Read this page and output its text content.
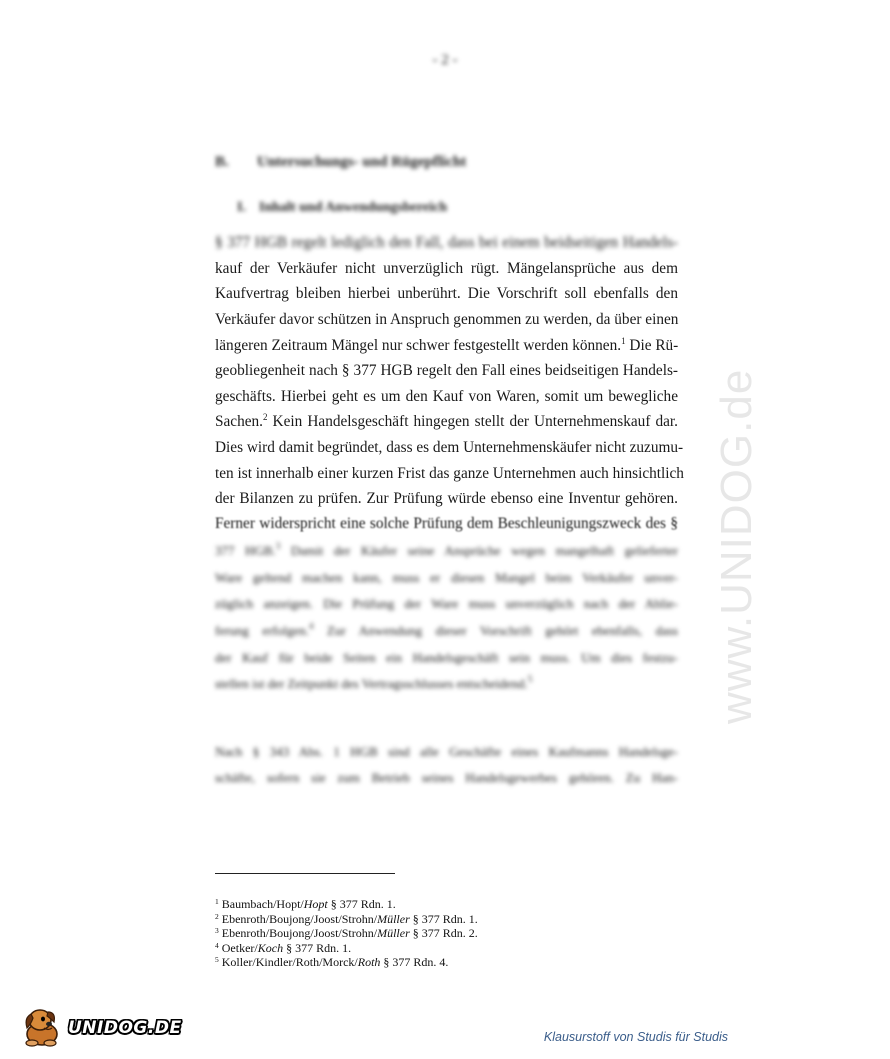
www.UNIDOG.de
- 2 -
B. Untersuchungs- und Rügepflicht
I. Inhalt und Anwendungsbereich
§ 377 HGB regelt lediglich den Fall, dass bei einem beidseitigen Handels-
kauf der Verkäufer nicht unverzüglich rügt. Mängelansprüche aus dem
Kaufvertrag bleiben hierbei unberührt. Die Vorschrift soll ebenfalls den
Verkäufer davor schützen in Anspruch genommen zu werden, da über einen
längeren Zeitraum Mängel nur schwer festgestellt werden können.$^1$ Die Rü-
geobliegenheit nach § 377 HGB regelt den Fall eines beidseitigen Handels-
geschäfts. Hierbei geht es um den Kauf von Waren, somit um bewegliche
Sachen.$^2$ Kein Handelsgeschäft hingegen stellt der Unternehmenskauf dar.
Dies wird damit begründet, dass es dem Unternehmenskäufer nicht zuzumu-
ten ist innerhalb einer kurzen Frist das ganze Unternehmen auch hinsichtlich
der Bilanzen zu prüfen. Zur Prüfung würde ebenso eine Inventur gehören.
Ferner widerspricht eine solche Prüfung dem Beschleunigungszweck des §
377 HGB.$^3$ Damit der Käufer seine Ansprüche wegen mangelhaft gelieferter
Ware geltend machen kann, muss er diesen Mangel beim Verkäufer unver-
züglich anzeigen. Die Prüfung der Ware muss unverzüglich nach der Ablie-
ferung erfolgen.$^4$ Zur Anwendung dieser Vorschrift gehört ebenfalls, dass
der Kauf für beide Seiten ein Handelsgeschäft sein muss. Um dies festzu-
stellen ist der Zeitpunkt des Vertragsschlusses entscheidend.$^5$
Nach § 343 Abs. 1 HGB sind alle Geschäfte eines Kaufmanns Handelsge-
schäfte, sofern sie zum Betrieb seines Handelsgewerbes gehören. Zu Han-
$^1$ Baumbach/Hopt/Hopt § 377 Rdn. 1.
$^2$ Ebenroth/Boujong/Joost/Strohn/Müller § 377 Rdn. 1.
$^3$ Ebenroth/Boujong/Joost/Strohn/Müller § 377 Rdn. 2.
$^4$ Oetker/Koch § 377 Rdn. 1.
$^5$ Koller/Kindler/Roth/Morck/Roth § 377 Rdn. 4.
UNIDOG.DE	Klausurstoff von Studis für Studis
